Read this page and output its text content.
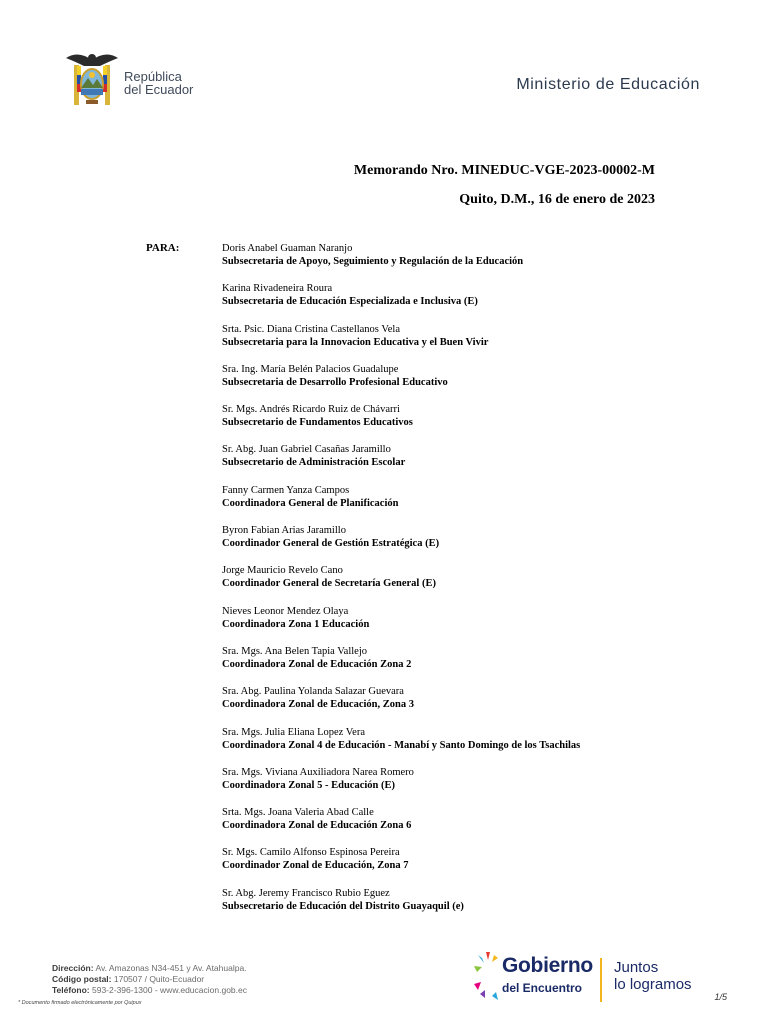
República
del Ecuador	Ministerio de Educación
Memorando Nro. MINEDUC-VGE-2023-00002-M
Quito, D.M., 16 de enero de 2023
PARA:	Doris Anabel Guaman Naranjo
Subsecretaria de Apoyo, Seguimiento y Regulación de la Educación
Karina Rivadeneira Roura
Subsecretaria de Educación Especializada e Inclusiva (E)
Srta. Psic. Diana Cristina Castellanos Vela
Subsecretaria para la Innovacion Educativa y el Buen Vivir
Sra. Ing. María Belén Palacios Guadalupe
Subsecretaria de Desarrollo Profesional Educativo
Sr. Mgs. Andrés Ricardo Ruiz de Chávarri
Subsecretario de Fundamentos Educativos
Sr. Abg. Juan Gabriel Casañas Jaramillo
Subsecretario de Administración Escolar
Fanny Carmen Yanza Campos
Coordinadora General de Planificación
Byron Fabian Arias Jaramillo
Coordinador General de Gestión Estratégica (E)
Jorge Mauricio Revelo Cano
Coordinador General de Secretaría General (E)
Nieves Leonor Mendez Olaya
Coordinadora Zona 1 Educación
Sra. Mgs. Ana Belen Tapia Vallejo
Coordinadora Zonal de Educación Zona 2
Sra. Abg. Paulina Yolanda Salazar Guevara
Coordinadora Zonal de Educación, Zona 3
Sra. Mgs. Julia Eliana Lopez Vera
Coordinadora Zonal 4 de Educación - Manabí y Santo Domingo de los Tsachilas
Sra. Mgs. Viviana Auxiliadora Narea Romero
Coordinadora Zonal 5 - Educación (E)
Srta. Mgs. Joana Valeria Abad Calle
Coordinadora Zonal de Educación Zona 6
Sr. Mgs. Camilo Alfonso Espinosa Pereira
Coordinador Zonal de Educación, Zona 7
Sr. Abg. Jeremy Francisco Rubio Eguez
Subsecretario de Educación del Distrito Guayaquil (e)
Dirección: Av. Amazonas N34-451 y Av. Atahualpa.
Código postal: 170507 / Quito-Ecuador
Teléfono: 593-2-396-1300 - www.educacion.gob.ec
* Documento firmado electrónicamente por Quipux
Gobierno
del Encuentro
Juntos
lo logramos
1/5
